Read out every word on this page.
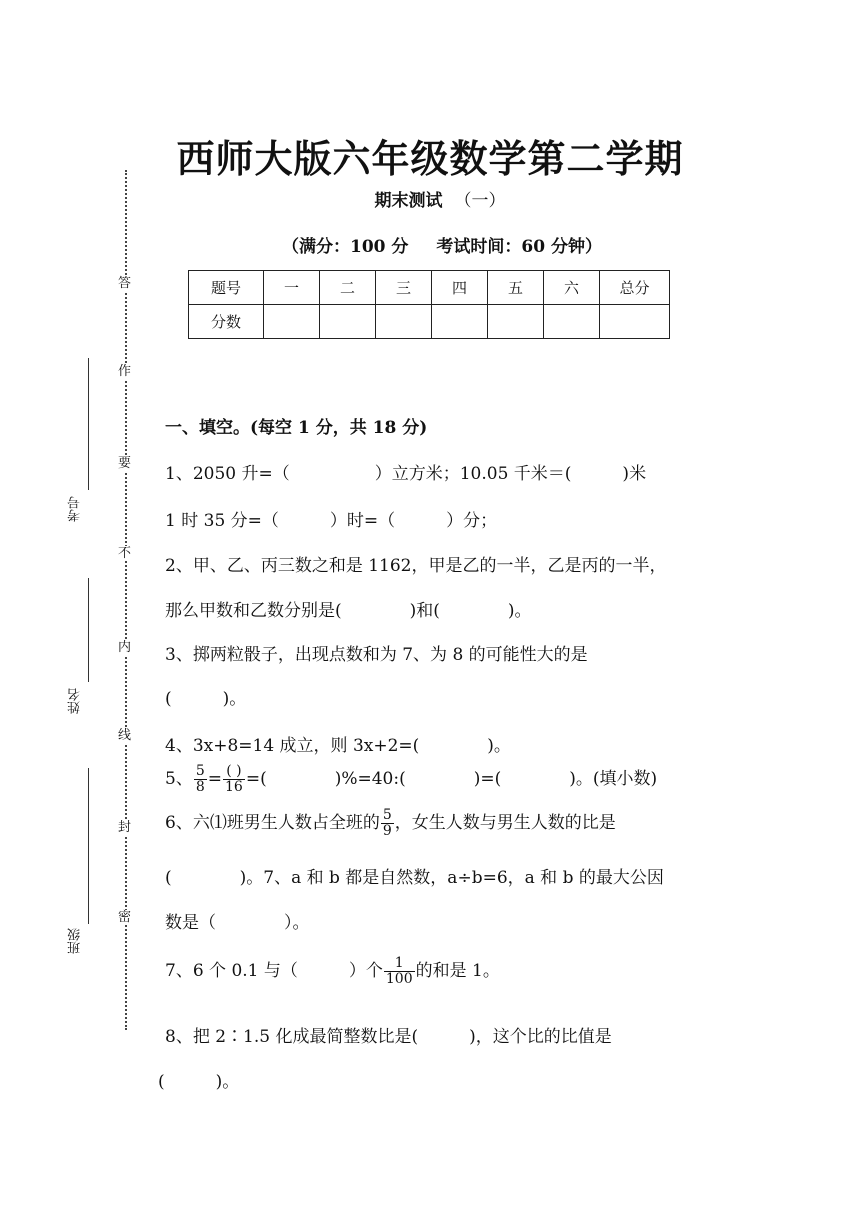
西师大版六年级数学第二学期
期末测试 （一）
（满分：100 分 考试时间：60 分钟）
题号	一	二	三	四	五	六	总分
分数							
答
作
要
不
内
线
封
密
考号
姓名
班级
一、填空。(每空 1 分，共 18 分)
1、2050 升=（　　　　　）立方米；10.05 千米＝(　　　)米
1 时 35 分=（　　　）时=（　　　）分；
2、甲、乙、丙三数之和是 1162，甲是乙的一半，乙是丙的一半，
那么甲数和乙数分别是(　　　　)和(　　　　)。
3、掷两粒骰子，出现点数和为 7、为 8 的可能性大的是
(　　　)。
4、3x+8=14 成立，则 3x+2=(　　　　)。
5、 $\frac{5}{8} = \frac{( )}{16}$ =(　　　　)%=40:(　　　　)=(　　　　)。(填小数)
6、六⑴班男生人数占全班的 $\frac{5}{9}$ ，女生人数与男生人数的比是
(　　　　)。7、a 和 b 都是自然数，a÷b=6，a 和 b 的最大公因
数是（　　　　）。
7、6 个 0.1 与（　　　）个 $\frac{1}{100}$ 的和是 1。
8、把 2∶1.5 化成最简整数比是(　　　)，这个比的比值是
(　　　)。
